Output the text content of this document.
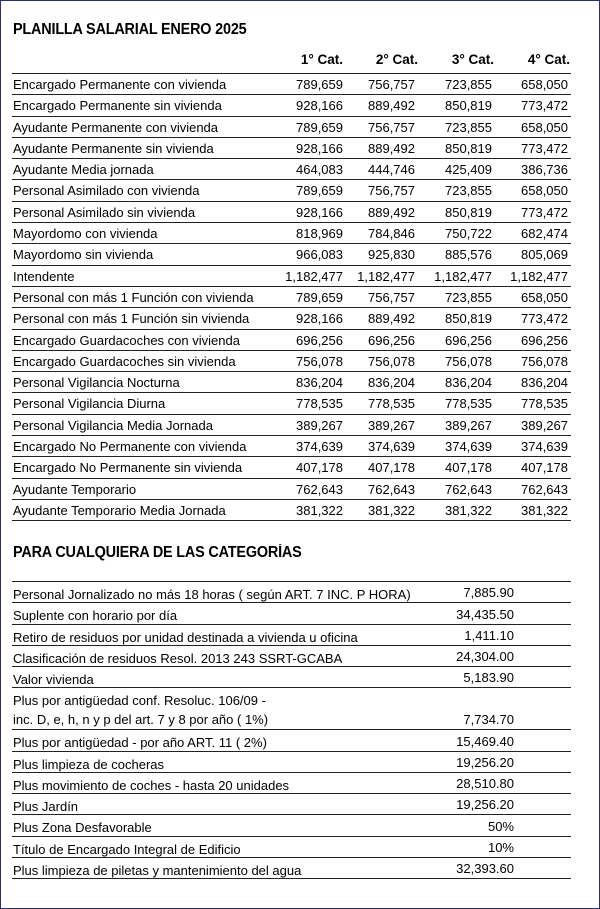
PLANILLA SALARIAL ENERO 2025
1° Cat.	2° Cat.	3° Cat.	4° Cat.
Encargado Permanente con vivienda	789,659	756,757	723,855	658,050
Encargado Permanente sin vivienda	928,166	889,492	850,819	773,472
Ayudante Permanente con vivienda	789,659	756,757	723,855	658,050
Ayudante Permanente sin vivienda	928,166	889,492	850,819	773,472
Ayudante Media jornada	464,083	444,746	425,409	386,736
Personal Asimilado con vivienda	789,659	756,757	723,855	658,050
Personal Asimilado sin vivienda	928,166	889,492	850,819	773,472
Mayordomo con vivienda	818,969	784,846	750,722	682,474
Mayordomo sin vivienda	966,083	925,830	885,576	805,069
Intendente	1,182,477	1,182,477	1,182,477	1,182,477
Personal con más 1 Función con vivienda	789,659	756,757	723,855	658,050
Personal con más 1 Función sin vivienda	928,166	889,492	850,819	773,472
Encargado Guardacoches con vivienda	696,256	696,256	696,256	696,256
Encargado Guardacoches sin vivienda	756,078	756,078	756,078	756,078
Personal Vigilancia Nocturna	836,204	836,204	836,204	836,204
Personal Vigilancia Diurna	778,535	778,535	778,535	778,535
Personal Vigilancia Media Jornada	389,267	389,267	389,267	389,267
Encargado No Permanente con vivienda	374,639	374,639	374,639	374,639
Encargado No Permanente sin vivienda	407,178	407,178	407,178	407,178
Ayudante Temporario	762,643	762,643	762,643	762,643
Ayudante Temporario Media Jornada	381,322	381,322	381,322	381,322
PARA CUALQUIERA DE LAS CATEGORÍAS
Personal Jornalizado no más 18 horas ( según ART. 7 INC. P HORA)	7,885.90
Suplente con horario por día	34,435.50
Retiro de residuos por unidad destinada a vivienda u oficina	1,411.10
Clasificación de residuos Resol. 2013 243 SSRT-GCABA	24,304.00
Valor vivienda	5,183.90
Plus por antigüedad conf. Resoluc. 106/09 -
inc. D, e, h, n y p del art. 7 y 8 por año ( 1%)	7,734.70
Plus por antigüedad - por año ART. 11 ( 2%)	15,469.40
Plus limpieza de cocheras	19,256.20
Plus movimiento de coches - hasta 20 unidades	28,510.80
Plus Jardín	19,256.20
Plus Zona Desfavorable	50%
Título de Encargado Integral de Edificio	10%
Plus limpieza de piletas y mantenimiento del agua	32,393.60
